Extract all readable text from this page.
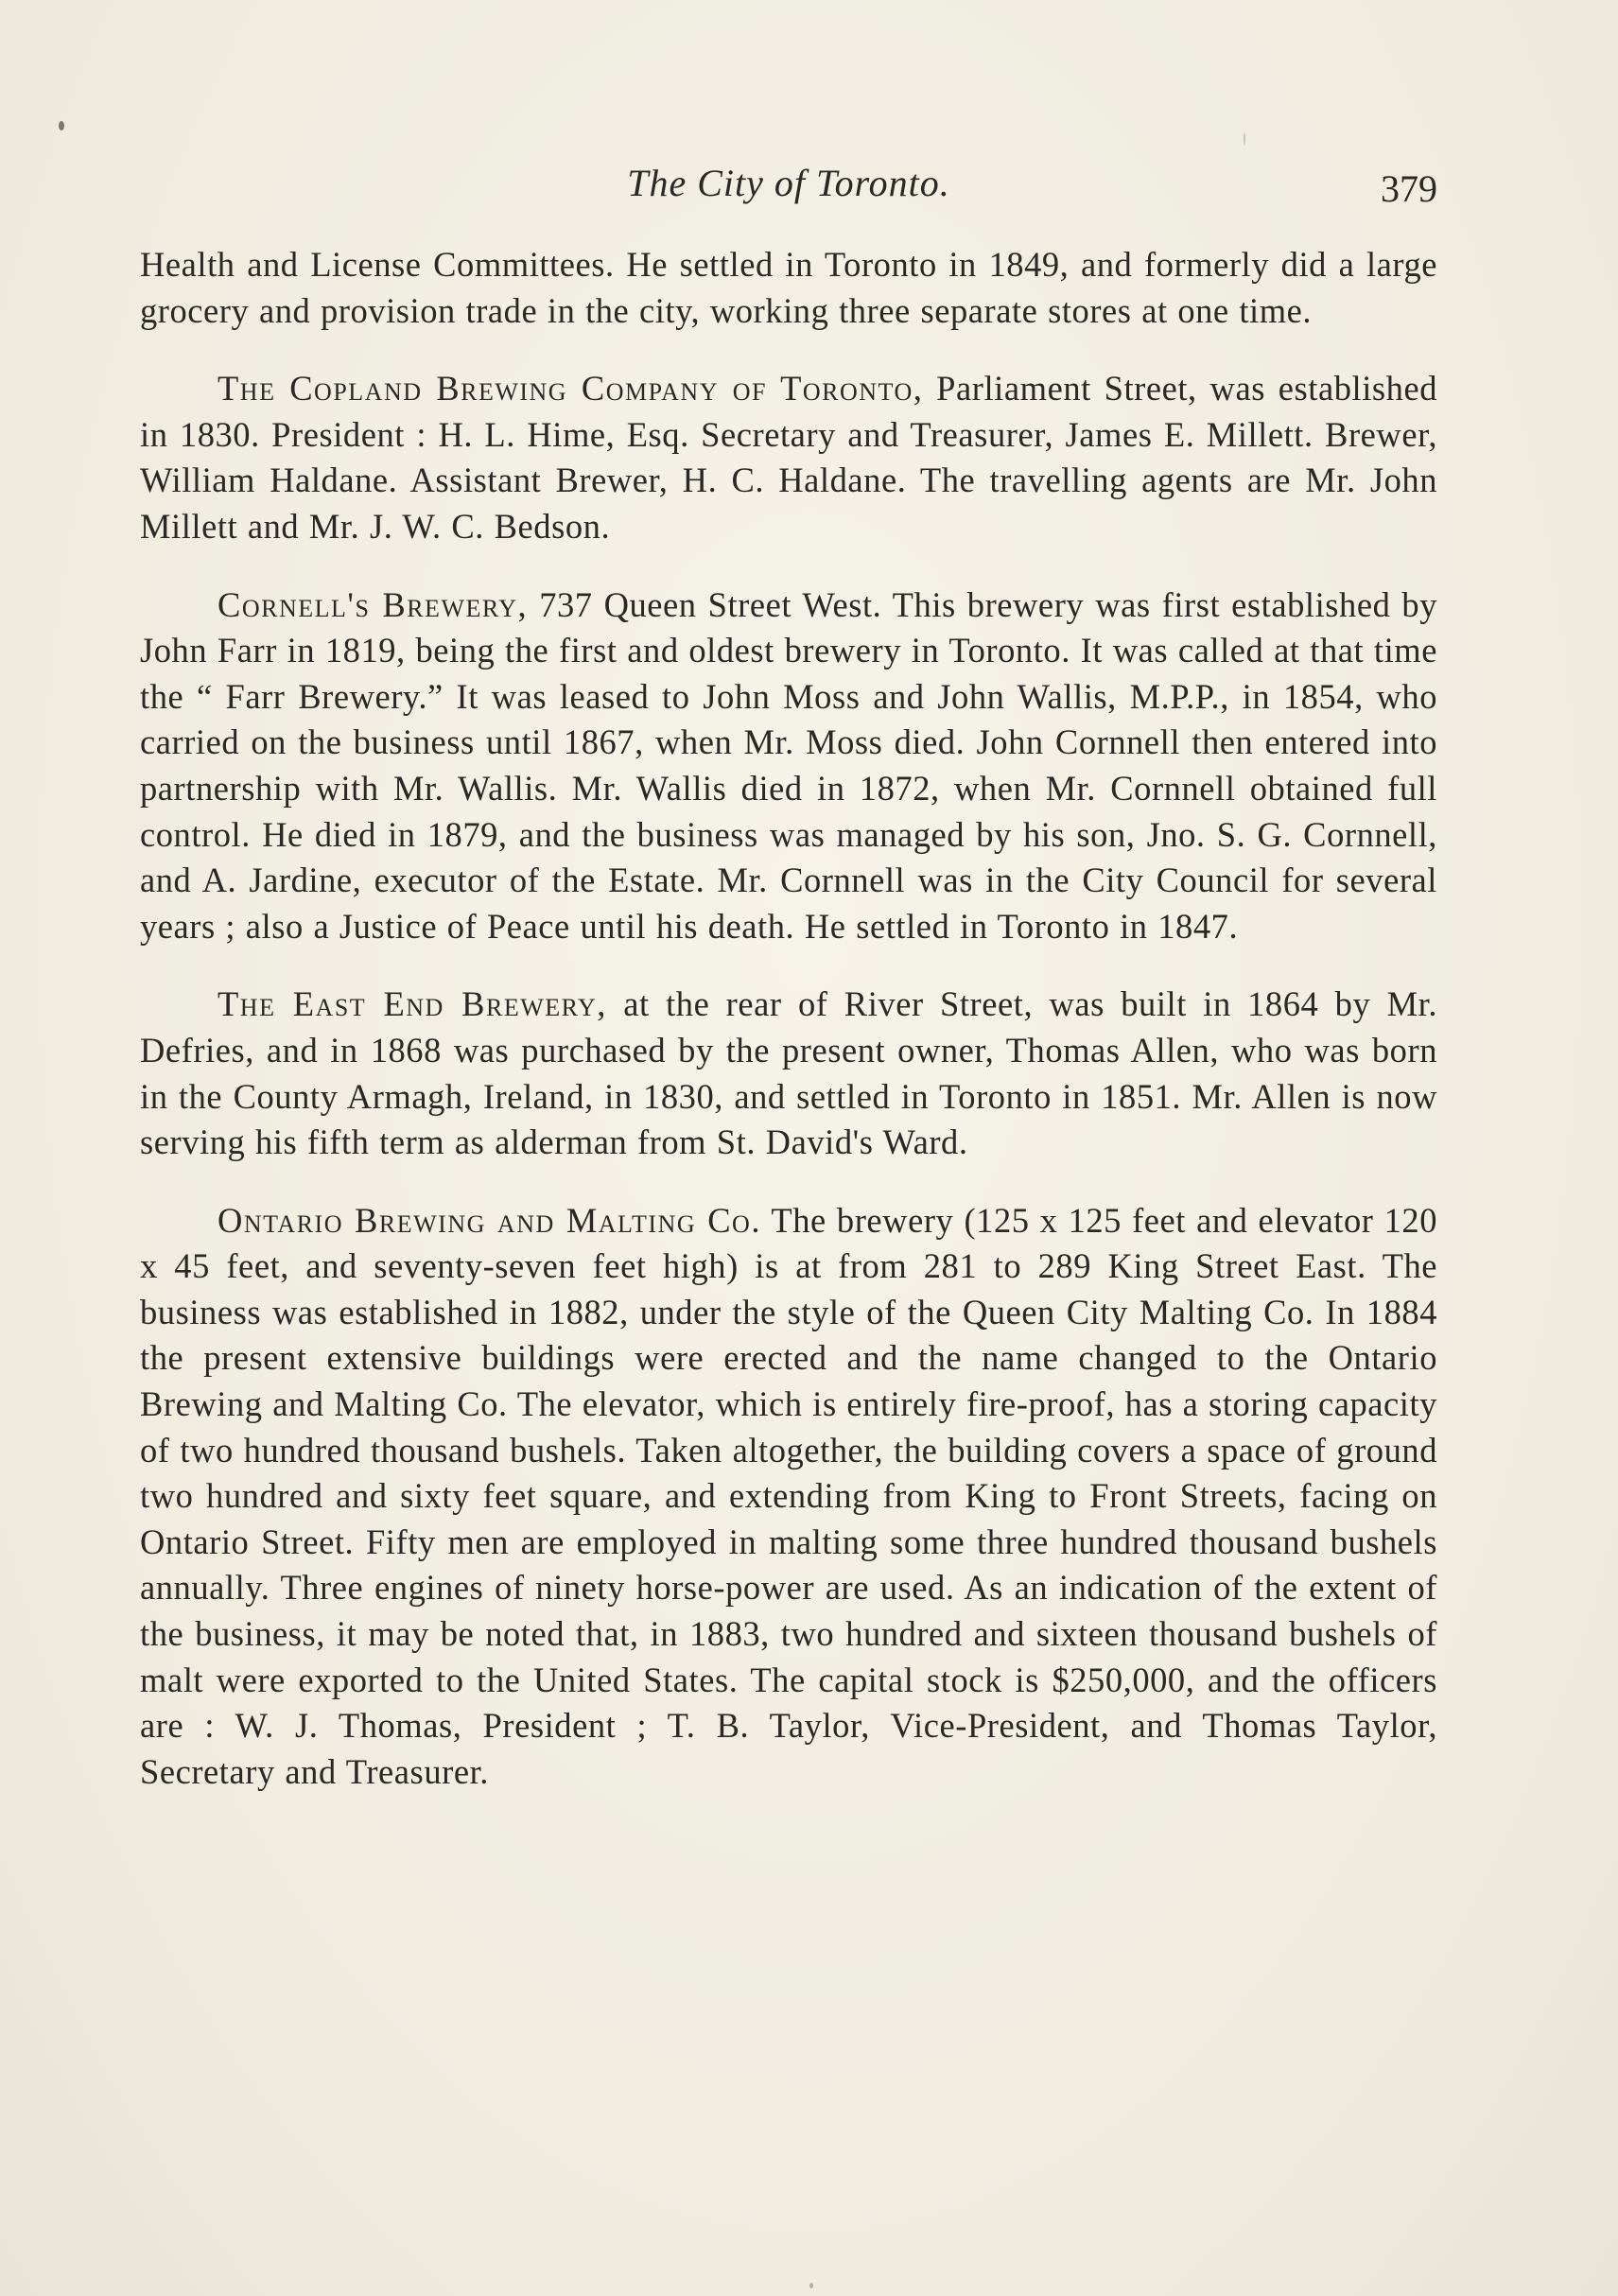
The City of Toronto.	379

Health and License Committees. He settled in Toronto in 1849, and formerly did a large grocery and provision trade in the city, working three separate stores at one time.

The Copland Brewing Company of Toronto, Parliament Street, was established in 1830. President : H. L. Hime, Esq. Secretary and Treasurer, James E. Millett. Brewer, William Haldane. Assistant Brewer, H. C. Haldane. The travelling agents are Mr. John Millett and Mr. J. W. C. Bedson.

Cornell's Brewery, 737 Queen Street West. This brewery was first established by John Farr in 1819, being the first and oldest brewery in Toronto. It was called at that time the “ Farr Brewery.” It was leased to John Moss and John Wallis, M.P.P., in 1854, who carried on the business until 1867, when Mr. Moss died. John Cornnell then entered into partnership with Mr. Wallis. Mr. Wallis died in 1872, when Mr. Cornnell obtained full control. He died in 1879, and the business was managed by his son, Jno. S. G. Cornnell, and A. Jardine, executor of the Estate. Mr. Cornnell was in the City Council for several years ; also a Justice of Peace until his death. He settled in Toronto in 1847.

The East End Brewery, at the rear of River Street, was built in 1864 by Mr. Defries, and in 1868 was purchased by the present owner, Thomas Allen, who was born in the County Armagh, Ireland, in 1830, and settled in Toronto in 1851. Mr. Allen is now serving his fifth term as alderman from St. David's Ward.

Ontario Brewing and Malting Co. The brewery (125 x 125 feet and elevator 120 x 45 feet, and seventy-seven feet high) is at from 281 to 289 King Street East. The business was established in 1882, under the style of the Queen City Malting Co. In 1884 the present extensive buildings were erected and the name changed to the Ontario Brewing and Malting Co. The elevator, which is entirely fire-proof, has a storing capacity of two hundred thousand bushels. Taken altogether, the building covers a space of ground two hundred and sixty feet square, and extending from King to Front Streets, facing on Ontario Street. Fifty men are employed in malting some three hundred thousand bushels annually. Three engines of ninety horse-power are used. As an indication of the extent of the business, it may be noted that, in 1883, two hundred and sixteen thousand bushels of malt were exported to the United States. The capital stock is $250,000, and the officers are : W. J. Thomas, President ; T. B. Taylor, Vice-President, and Thomas Taylor, Secretary and Treasurer.
